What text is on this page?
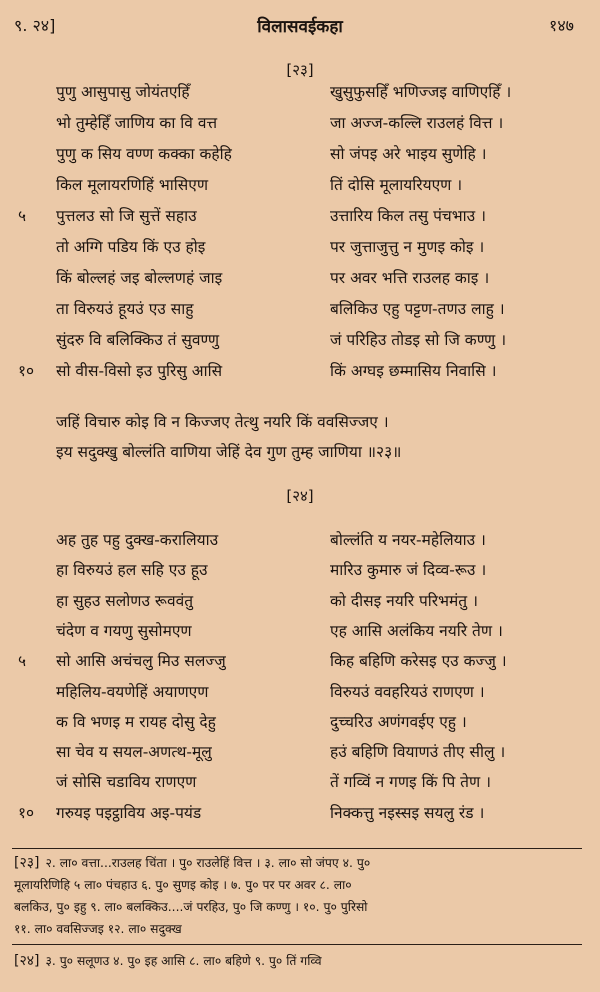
९. २४]	विलासवईकहा	१४७
[२३]
पुणु आसुपासु जोयंतएहिँ	खुसुफुसहिँ भणिज्जइ वाणिएहिँ ।
भो तुम्हेहिँ जाणिय का वि वत्त	जा अज्ज-कल्लि राउलहं वित्त ।
पुणु क सिय वण्ण कक्का कहेहि	सो जंपइ अरे भाइय सुणेहि ।
किल मूलायरणिहिं भासिएण	तिं दोसि मूलायरियएण ।
५	पुत्तलउ सो जि सुत्तें सहाउ	उत्तारिय किल तसु पंचभाउ ।
तो अग्गि पडिय किं एउ होइ	पर जुत्ताजुत्तु न मुणइ कोइ ।
किं बोल्लहं जइ बोल्लणहं जाइ	पर अवर भत्ति राउलह काइ ।
ता विरुयउं हूयउं एउ साहु	बलिकिउ एहु पट्टण-तणउ लाहु ।
सुंदरु वि बलिक्किउ तं सुवण्णु	जं परिहिउ तोडइ सो जि कण्णु ।
१०	सो वीस-विसो इउ पुरिसु आसि	किं अग्घइ छम्मासिय निवासि ।
जहिं विचारु कोइ वि न किज्जए तेत्थु नयरि किं ववसिज्जए ।
इय सदुक्खु बोल्लंति वाणिया जेहिं देव गुण तुम्ह जाणिया ॥२३॥
[२४]
अह तुह पहु दुक्ख-करालियाउ	बोल्लंति य नयर-महेलियाउ ।
हा विरुयउं हल सहि एउ हूउ	मारिउ कुमारु जं दिव्व-रूउ ।
हा सुहउ सलोणउ रूववंतु	को दीसइ नयरि परिभमंतु ।
चंदेण व गयणु सुसोमएण	एह आसि अलंकिय नयरि तेण ।
५	सो आसि अचंचलु मिउ सलज्जु	किह बहिणि करेसइ एउ कज्जु ।
महिलिय-वयणेहिं अयाणएण	विरुयउं ववहरियउं राणएण ।
क वि भणइ म रायह दोसु देहु	दुच्चरिउ अणंगवईए एहु ।
सा चेव य सयल-अणत्थ-मूलु	हउं बहिणि वियाणउं तीए सीलु ।
जं सोसि चडाविय राणएण	तें गव्विं न गणइ किं पि तेण ।
१०	गरुयइ पइट्ठाविय अइ-पयंड	निक्कत्तु नइस्सइ सयलु रंड ।
[२३] २. ला० वत्ता...राउलह चिंता । पु० राउलेहिं वित्त । ३. ला० सो जंपए ४. पु०
मूलायरिणिहि ५ ला० पंचहाउ ६. पु० सुणइ कोइ । ७. पु० पर पर अवर ८. ला०
बलकिउ, पु० इहु ९. ला० बलक्किउ....जं परहिउ, पु० जि कण्णु । १०. पु० पुरिसो
११. ला० ववसिज्जइ १२. ला० सदुक्ख
[२४] ३. पु० सलूणउ ४. पु० इह आसि ८. ला० बहिणे ९. पु० तिं गव्वि
